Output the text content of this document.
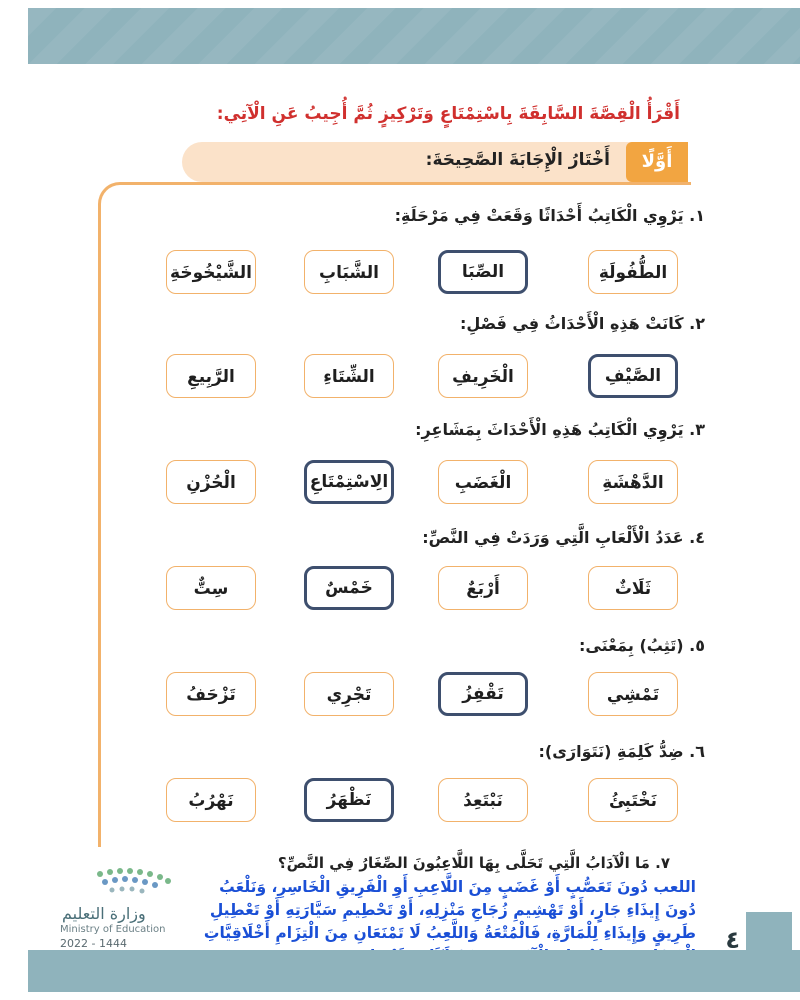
أَقْرَأُ الْقِصَّةَ السَّابِقَةَ بِاسْتِمْتَاعٍ وَتَرْكِيزٍ ثُمَّ أُجِيبُ عَنِ الْآتِي:
أَوَّلًا
أَخْتَارُ الْإِجَابَةَ الصَّحِيحَةَ:
١. يَرْوِي الْكَاتِبُ أَحْدَاثًا وَقَعَتْ فِي مَرْحَلَةِ:
الطُّفُولَةِ
الصِّبَا
الشَّبَابِ
الشَّيْخُوخَةِ
٢. كَانَتْ هَذِهِ الْأَحْدَاثُ فِي فَصْلِ:
الصَّيْفِ
الْخَرِيفِ
الشِّتَاءِ
الرَّبِيعِ
٣. يَرْوِي الْكَاتِبُ هَذِهِ الْأَحْدَاثَ بِمَشَاعِرِ:
الدَّهْشَةِ
الْغَضَبِ
الِاسْتِمْتَاعِ
الْحُزْنِ
٤. عَدَدُ الْأَلْعَابِ الَّتِي وَرَدَتْ فِي النَّصِّ:
ثَلَاثٌ
أَرْبَعٌ
خَمْسٌ
سِتٌّ
٥. (تَثِبُ) بِمَعْنَى:
تَمْشِي
تَقْفِزُ
تَجْرِي
تَزْحَفُ
٦. ضِدُّ كَلِمَةِ (نَتَوَارَى):
نَخْتَبِئُ
نَبْتَعِدُ
نَظْهَرُ
نَهْرُبُ
٧. مَا الْآدَابُ الَّتِي تَحَلَّى بِهَا اللَّاعِبُونَ الصِّغَارُ فِي النَّصِّ؟
اللعب دُونَ تَعَصُّبٍ أَوْ غَضَبٍ مِنَ اللَّاعِبِ أَوِ الْفَرِيقِ الْخَاسِرِ، وَنَلْعَبُ دُونَ إِيذَاءِ جَارٍ، أَوْ تَهْشِيمِ زُجَاجِ مَنْزِلِهِ، أَوْ تَحْطِيمِ سَيَّارَتِهِ أَوْ تَعْطِيلِ طَرِيقٍ وَإِيذَاءِ لِلْمَارَّةِ، فَالْمُتْعَةُ وَاللَّعِبُ لَا تَمْنَعَانِ مِنَ الْتِزَامِ أَخْلَاقِيَّاتِ
وزارة التعليم
Ministry of Education
2022 - 1444	٤
